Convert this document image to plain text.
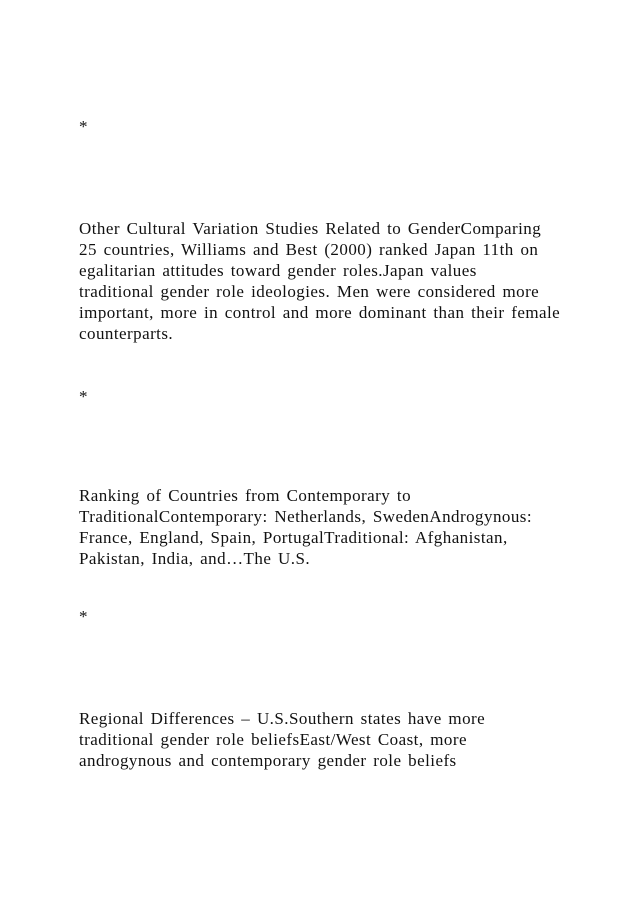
*
Other Cultural Variation Studies Related to GenderComparing
25 countries, Williams and Best (2000) ranked Japan 11th on
egalitarian attitudes toward gender roles.Japan values
traditional gender role ideologies. Men were considered more
important, more in control and more dominant than their female
counterparts.
*
Ranking of Countries from Contemporary to
TraditionalContemporary: Netherlands, SwedenAndrogynous:
France, England, Spain, PortugalTraditional: Afghanistan,
Pakistan, India, and…The U.S.
*
Regional Differences – U.S.Southern states have more
traditional gender role beliefsEast/West Coast, more
androgynous and contemporary gender role beliefs
